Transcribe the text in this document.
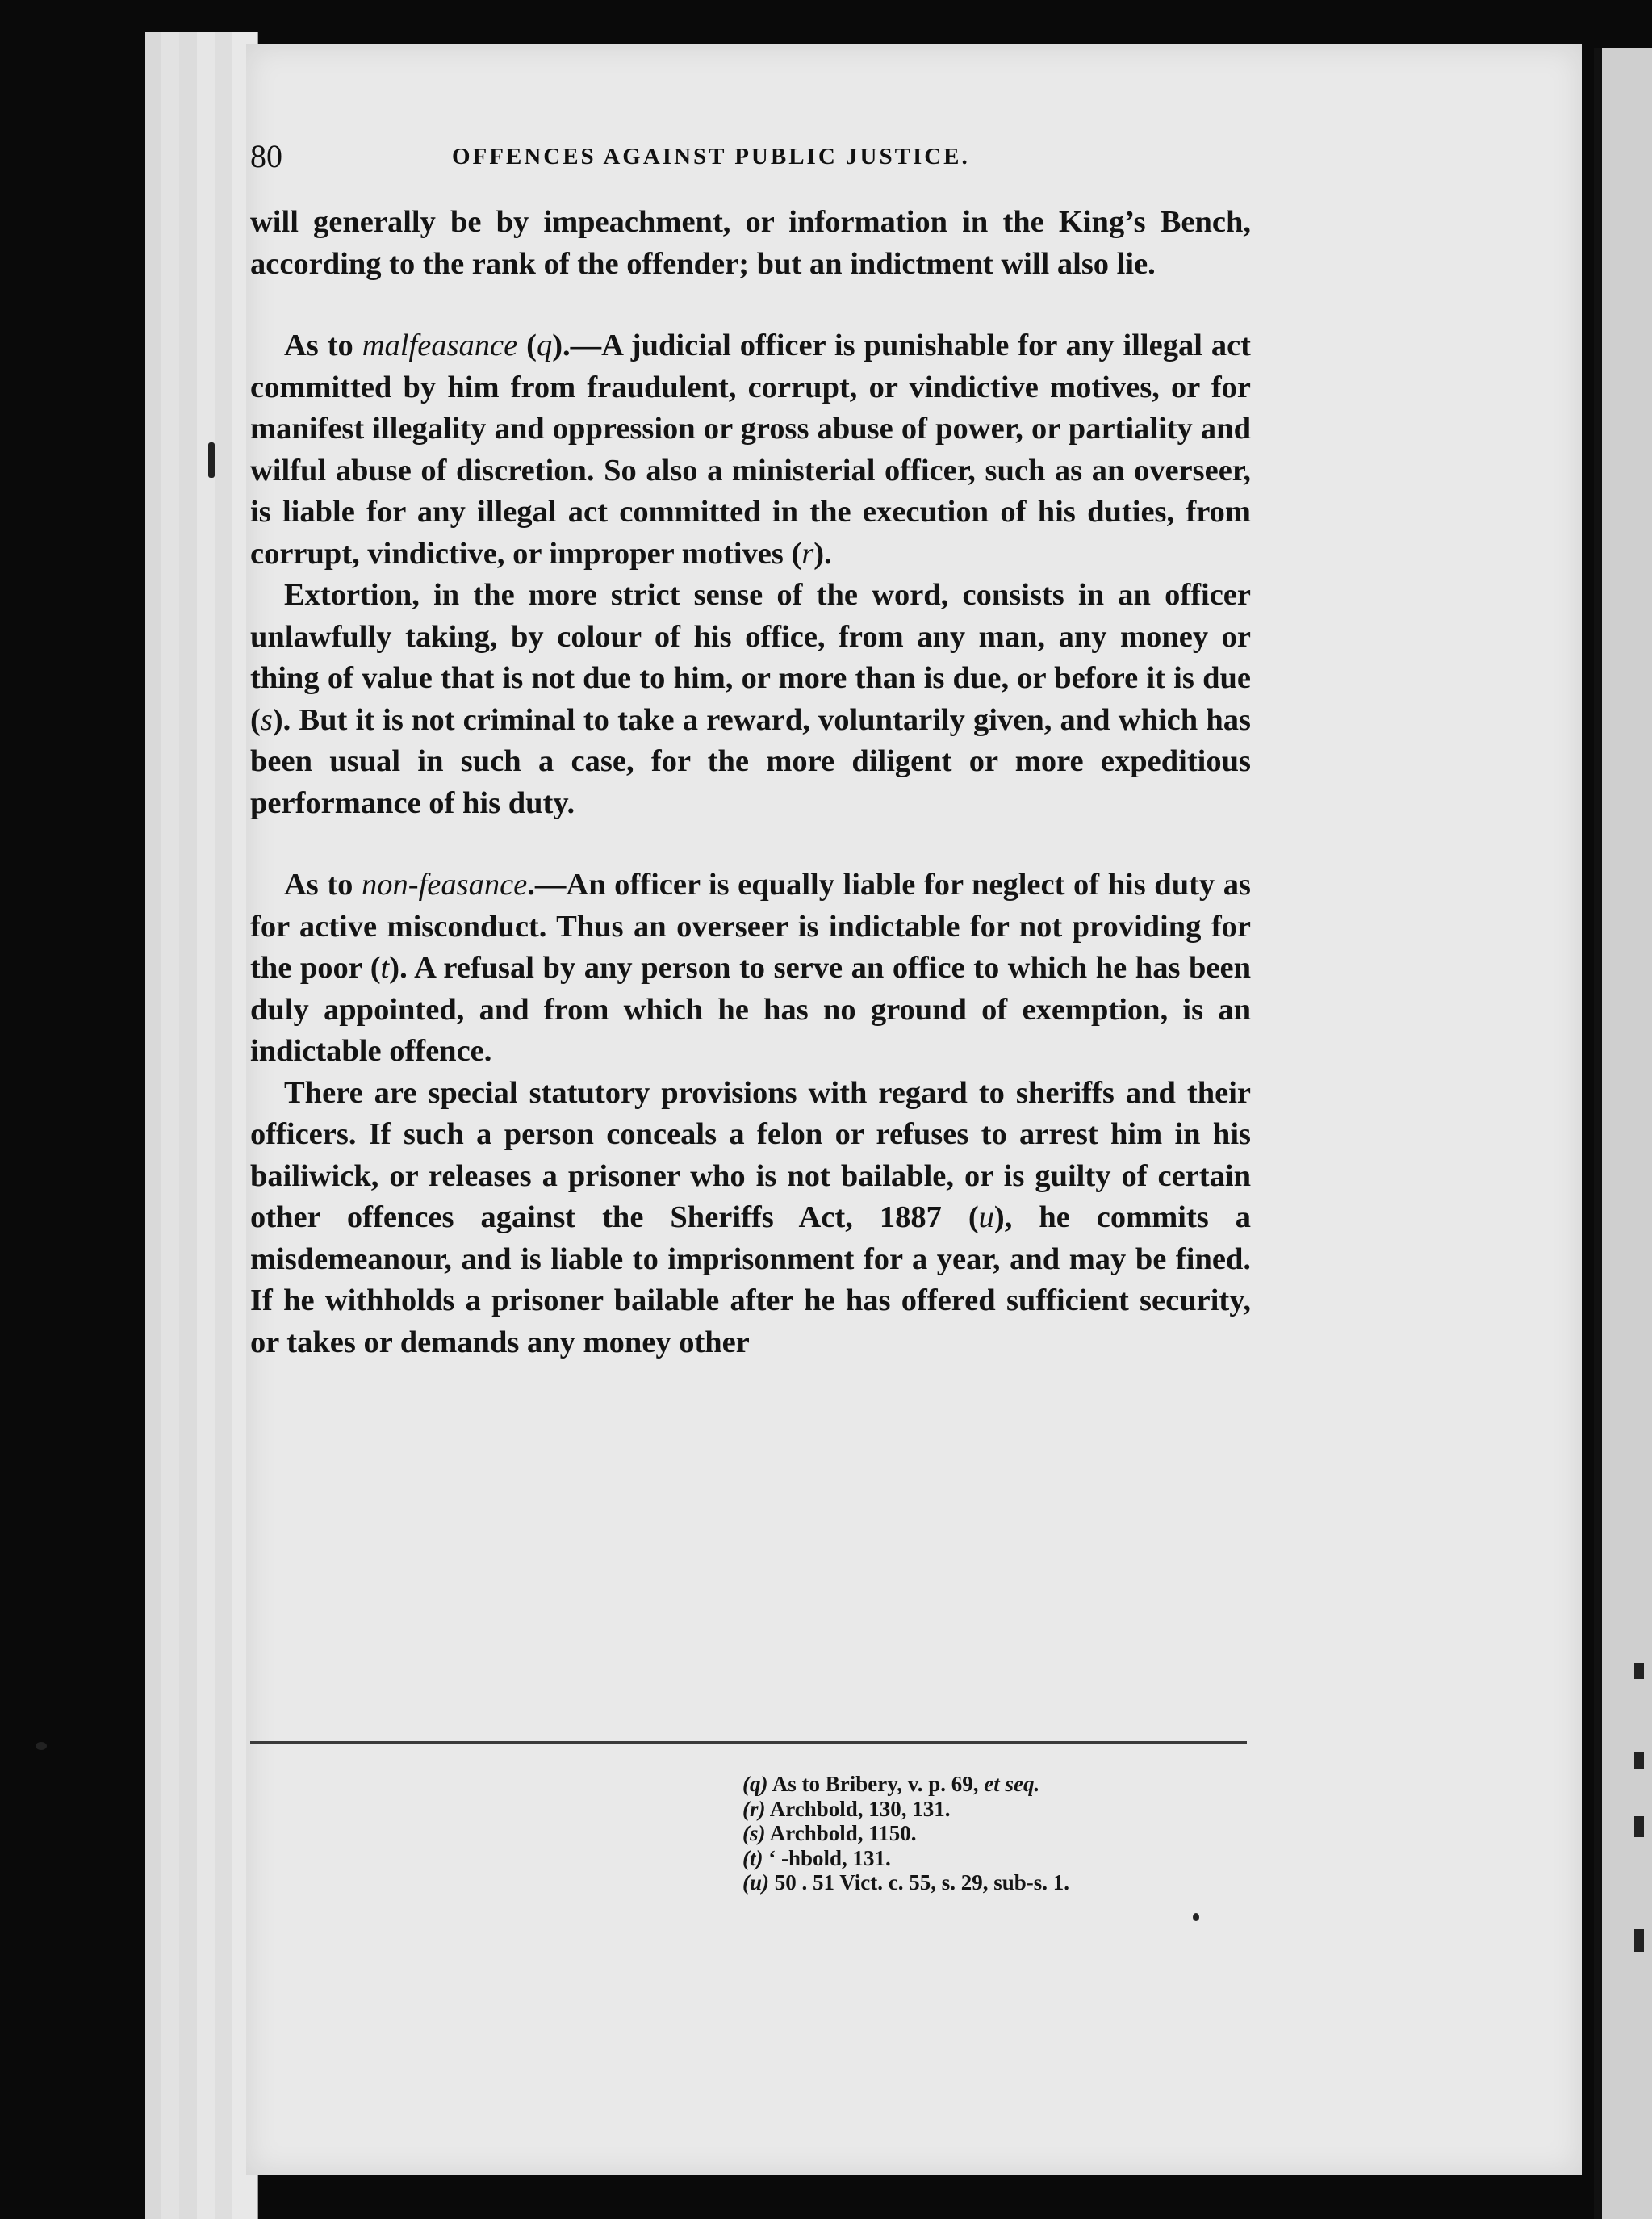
80	OFFENCES AGAINST PUBLIC JUSTICE.

will generally be by impeachment, or information in the King’s Bench, according to the rank of the offender; but an indictment will also lie.

As to malfeasance (q).—A judicial officer is punishable for any illegal act committed by him from fraudulent, corrupt, or vindictive motives, or for manifest illegality and oppression or gross abuse of power, or partiality and wilful abuse of discretion. So also a ministerial officer, such as an overseer, is liable for any illegal act committed in the execution of his duties, from corrupt, vindictive, or improper motives (r).

Extortion, in the more strict sense of the word, consists in an officer unlawfully taking, by colour of his office, from any man, any money or thing of value that is not due to him, or more than is due, or before it is due (s). But it is not criminal to take a reward, voluntarily given, and which has been usual in such a case, for the more diligent or more expeditious performance of his duty.

As to non-feasance.—An officer is equally liable for neglect of his duty as for active misconduct. Thus an overseer is indictable for not providing for the poor (t). A refusal by any person to serve an office to which he has been duly appointed, and from which he has no ground of exemption, is an indictable offence.

There are special statutory provisions with regard to sheriffs and their officers. If such a person conceals a felon or refuses to arrest him in his bailiwick, or releases a prisoner who is not bailable, or is guilty of certain other offences against the Sheriffs Act, 1887 (u), he commits a misdemeanour, and is liable to imprisonment for a year, and may be fined. If he withholds a prisoner bailable after he has offered sufficient security, or takes or demands any money other

(q) As to Bribery, v. p. 69, et seq.
(r) Archbold, 130, 131.
(s) Archbold, 1150.
(t) ‘ ‑hbold, 131.
(u) 50 . 51 Vict. c. 55, s. 29, sub-s. 1.
